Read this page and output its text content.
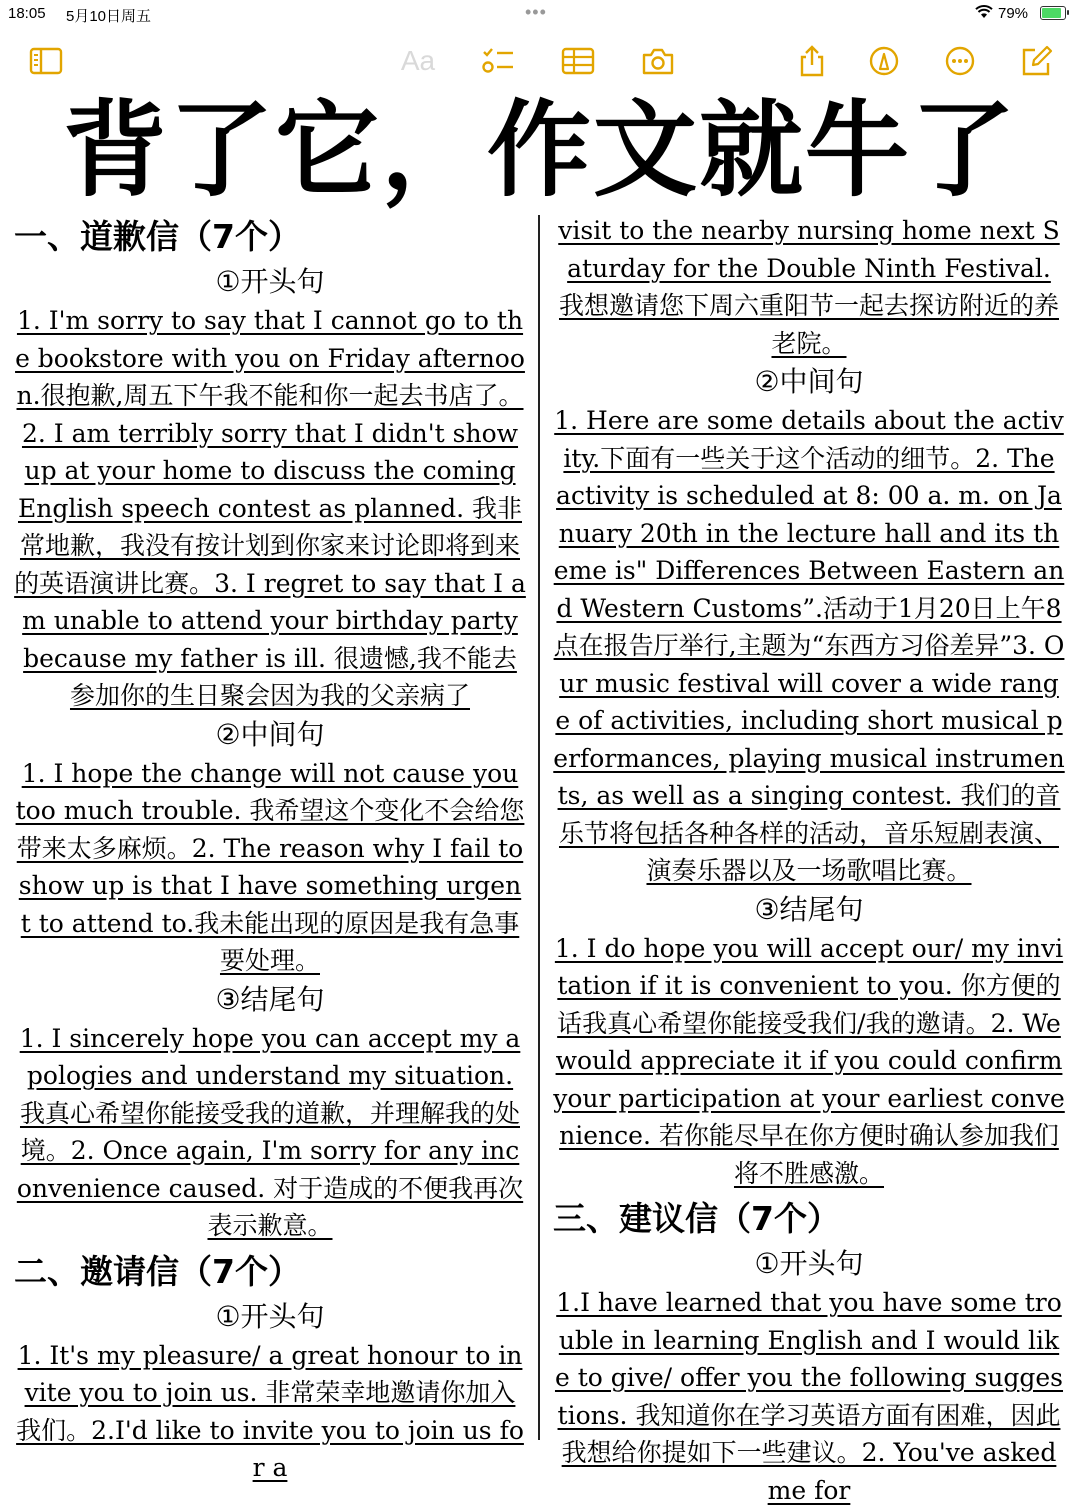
18:05 5月10日周五	•••	79%
Aa
背了它，作文就牛了

一、道歉信（7个）

①开头句

1. I'm sorry to say that I cannot go to the bookstore with you on Friday afternoon.很抱歉,周五下午我不能和你一起去书店了。2. I am terribly sorry that I didn't show up at your home to discuss the coming English speech contest as planned. 我非常地歉，我没有按计划到你家来讨论即将到来的英语演讲比赛。3. I regret to say that I am unable to attend your birthday party because my father is ill. 很遗憾,我不能去参加你的生日聚会因为我的父亲病了

②中间句

1. I hope the change will not cause you too much trouble. 我希望这个变化不会给您带来太多麻烦。2. The reason why I fail to show up is that I have something urgent to attend to.我未能出现的原因是我有急事要处理。

③结尾句

1. I sincerely hope you can accept my apologies and understand my situation. 我真心希望你能接受我的道歉，并理解我的处境。2. Once again, I'm sorry for any inconvenience caused. 对于造成的不便我再次表示歉意。

二、邀请信（7个）

①开头句

1. It's my pleasure/ a great honour to invite you to join us. 非常荣幸地邀请你加入我们。2.I'd like to invite you to join us for a

visit to the nearby nursing home next Saturday for the Double Ninth Festival. 我想邀请您下周六重阳节一起去探访附近的养老院。

②中间句

1. Here are some details about the activity.下面有一些关于这个活动的细节。2. The activity is scheduled at 8: 00 a. m. on January 20th in the lecture hall and its theme is" Differences Between Eastern and Western Customs”.活动于1月20日上午8点在报告厅举行,主题为“东西方习俗差异”3. Our music festival will cover a wide range of activities, including short musical performances, playing musical instruments, as well as a singing contest. 我们的音乐节将包括各种各样的活动，音乐短剧表演、演奏乐器以及一场歌唱比赛。

③结尾句

1. I do hope you will accept our/ my invitation if it is convenient to you. 你方便的话我真心希望你能接受我们/我的邀请。2. We would appreciate it if you could confirm your participation at your earliest convenience. 若你能尽早在你方便时确认参加我们将不胜感激。

三、建议信（7个）

①开头句

1.I have learned that you have some trouble in learning English and I would like to give/ offer you the following suggestions. 我知道你在学习英语方面有困难，因此我想给你提如下一些建议。2. You've asked me for
